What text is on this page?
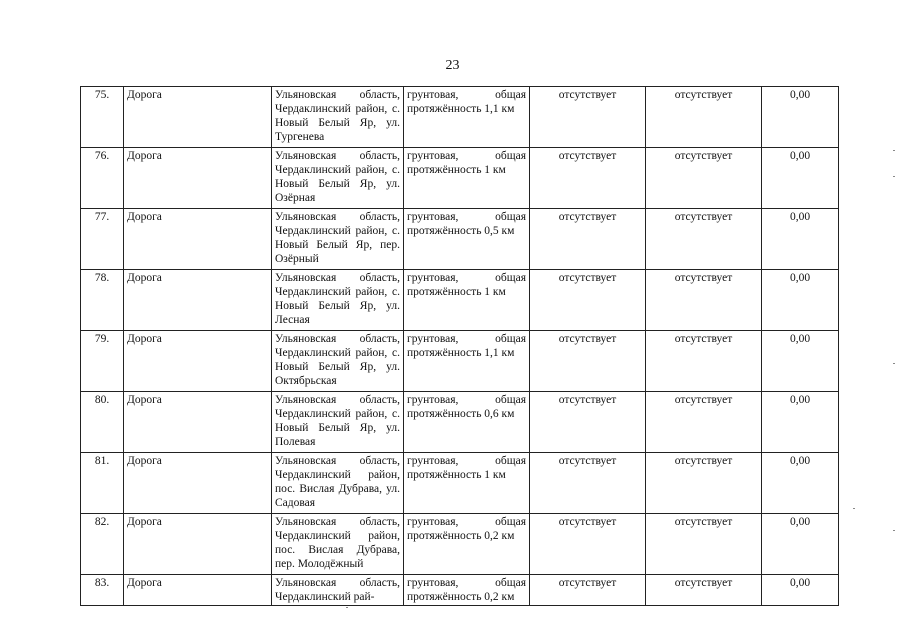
23
75.	Дорога	Ульяновская область, Чердаклинский район, с. Новый Белый Яр, ул. Тургенева	грунтовая, общая протяжённость 1,1 км	отсутствует	отсутствует	0,00
76.	Дорога	Ульяновская область, Чердаклинский район, с. Новый Белый Яр, ул. Озёрная	грунтовая, общая протяжённость 1 км	отсутствует	отсутствует	0,00
77.	Дорога	Ульяновская область, Чердаклинский район, с. Новый Белый Яр, пер. Озёрный	грунтовая, общая протяжённость 0,5 км	отсутствует	отсутствует	0,00
78.	Дорога	Ульяновская область, Чердаклинский район, с. Новый Белый Яр, ул. Лесная	грунтовая, общая протяжённость 1 км	отсутствует	отсутствует	0,00
79.	Дорога	Ульяновская область, Чердаклинский район, с. Новый Белый Яр, ул. Октябрьская	грунтовая, общая протяжённость 1,1 км	отсутствует	отсутствует	0,00
80.	Дорога	Ульяновская область, Чердаклинский район, с. Новый Белый Яр, ул. Полевая	грунтовая, общая протяжённость 0,6 км	отсутствует	отсутствует	0,00
81.	Дорога	Ульяновская область, Чердаклинский район, пос. Вислая Дубрава, ул. Садовая	грунтовая, общая протяжённость 1 км	отсутствует	отсутствует	0,00
82.	Дорога	Ульяновская область, Чердаклинский район, пос. Вислая Дубрава, пер. Молодёжный	грунтовая, общая протяжённость 0,2 км	отсутствует	отсутствует	0,00
83.	Дорога	Ульяновская область, Чердаклинский рай-	грунтовая, общая протяжённость 0,2 км	отсутствует	отсутствует	0,00
